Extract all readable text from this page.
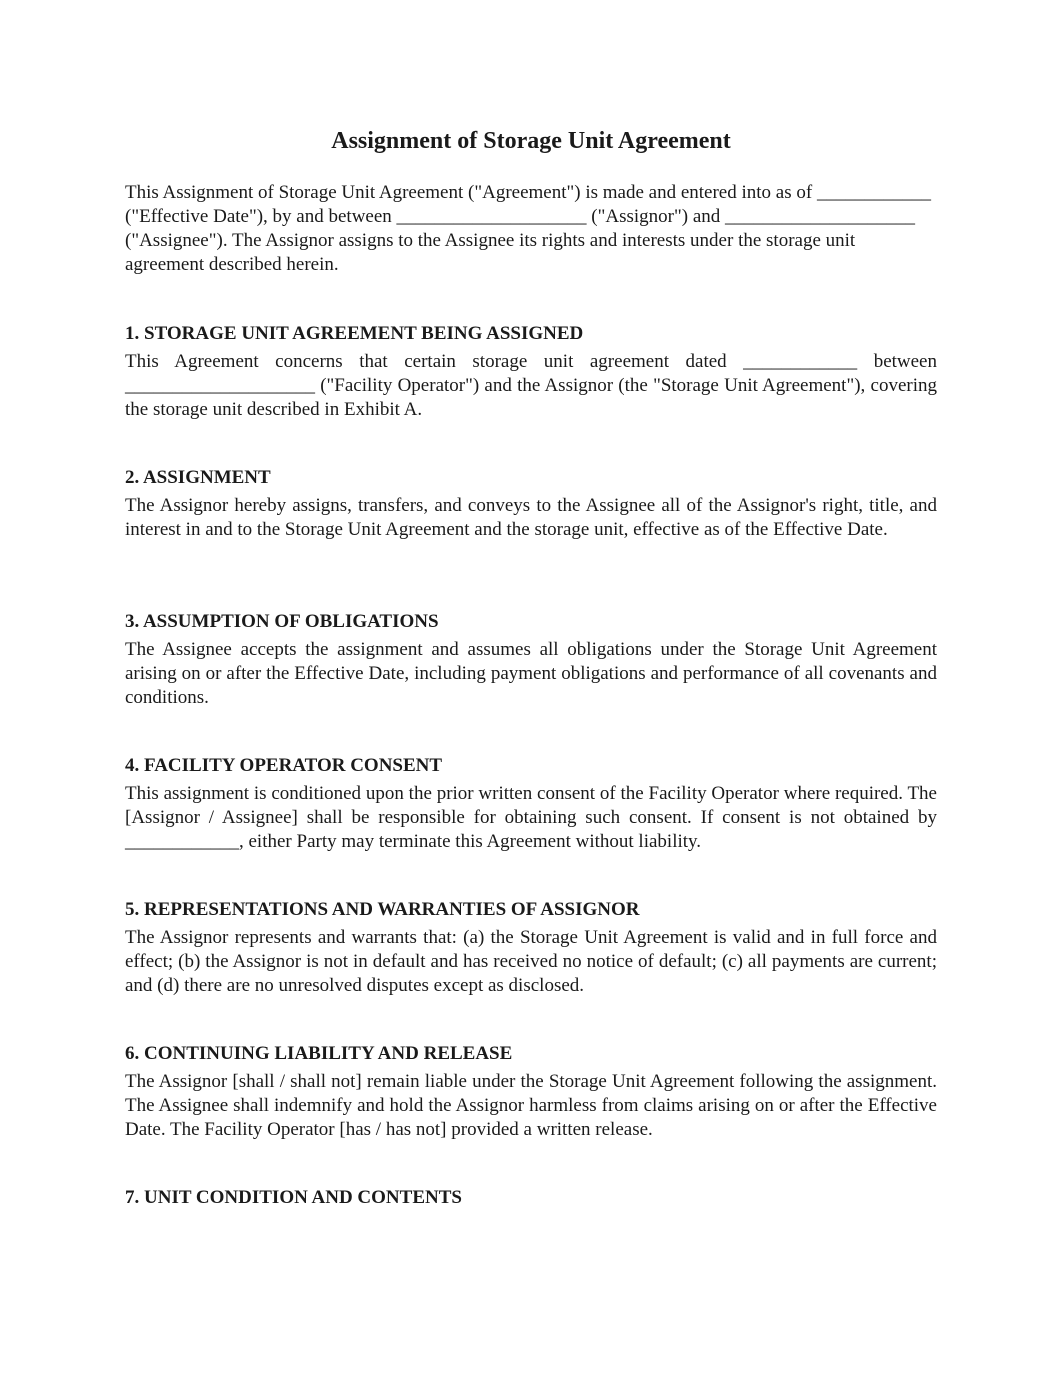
Assignment of Storage Unit Agreement

This Assignment of Storage Unit Agreement ("Agreement") is made and entered into as of ____________ ("Effective Date"), by and between ____________________ ("Assignor") and ____________________ ("Assignee"). The Assignor assigns to the Assignee its rights and interests under the storage unit agreement described herein.

1. STORAGE UNIT AGREEMENT BEING ASSIGNED

This Agreement concerns that certain storage unit agreement dated ____________ between ____________________ ("Facility Operator") and the Assignor (the "Storage Unit Agreement"), covering the storage unit described in Exhibit A.

2. ASSIGNMENT

The Assignor hereby assigns, transfers, and conveys to the Assignee all of the Assignor's right, title, and interest in and to the Storage Unit Agreement and the storage unit, effective as of the Effective Date.

3. ASSUMPTION OF OBLIGATIONS

The Assignee accepts the assignment and assumes all obligations under the Storage Unit Agreement arising on or after the Effective Date, including payment obligations and performance of all covenants and conditions.

4. FACILITY OPERATOR CONSENT

This assignment is conditioned upon the prior written consent of the Facility Operator where required. The [Assignor / Assignee] shall be responsible for obtaining such consent. If consent is not obtained by ____________, either Party may terminate this Agreement without liability.

5. REPRESENTATIONS AND WARRANTIES OF ASSIGNOR

The Assignor represents and warrants that: (a) the Storage Unit Agreement is valid and in full force and effect; (b) the Assignor is not in default and has received no notice of default; (c) all payments are current; and (d) there are no unresolved disputes except as disclosed.

6. CONTINUING LIABILITY AND RELEASE

The Assignor [shall / shall not] remain liable under the Storage Unit Agreement following the assignment. The Assignee shall indemnify and hold the Assignor harmless from claims arising on or after the Effective Date. The Facility Operator [has / has not] provided a written release.

7. UNIT CONDITION AND CONTENTS
